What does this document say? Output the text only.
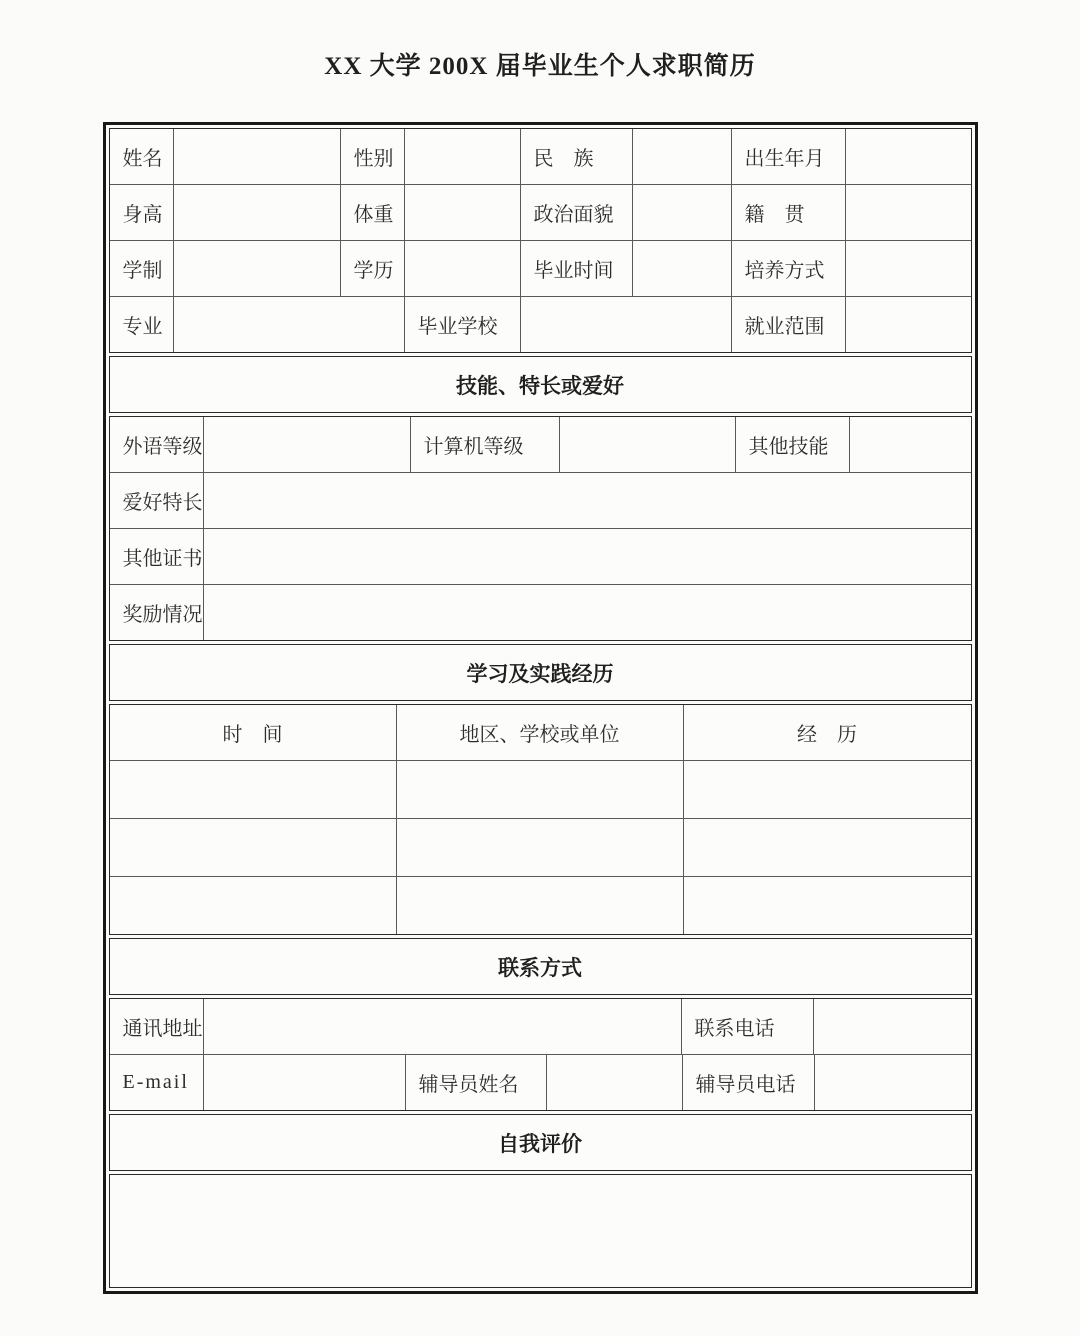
XX 大学 200X 届毕业生个人求职简历
姓名	性别	民　族	出生年月
身高	体重	政治面貌	籍　贯
学制	学历	毕业时间	培养方式
专业	毕业学校	就业范围
技能、特长或爱好
外语等级	计算机等级	其他技能
爱好特长
其他证书
奖励情况
学习及实践经历
时　间	地区、学校或单位	经　历
联系方式
通讯地址	联系电话
E-mail	辅导员姓名	辅导员电话
自我评价
